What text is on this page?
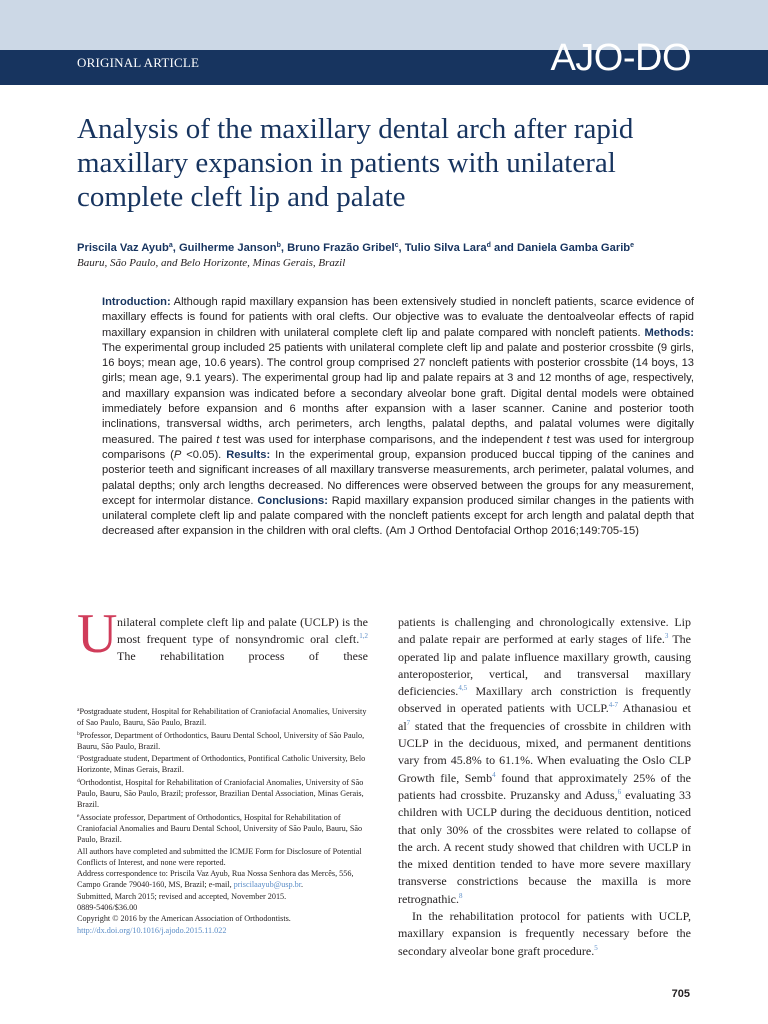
ORIGINAL ARTICLE	AJO-DO
Analysis of the maxillary dental arch after rapid maxillary expansion in patients with unilateral complete cleft lip and palate
Priscila Vaz Ayub$^a$, Guilherme Janson$^b$, Bruno Frazão Gribel$^c$, Tulio Silva Lara$^d$ and Daniela Gamba Garib$^e$
Bauru, São Paulo, and Belo Horizonte, Minas Gerais, Brazil
Introduction: Although rapid maxillary expansion has been extensively studied in noncleft patients, scarce evidence of maxillary effects is found for patients with oral clefts. Our objective was to evaluate the dentoalveolar effects of rapid maxillary expansion in children with unilateral complete cleft lip and palate compared with noncleft patients. Methods: The experimental group included 25 patients with unilateral complete cleft lip and palate and posterior crossbite (9 girls, 16 boys; mean age, 10.6 years). The control group comprised 27 noncleft patients with posterior crossbite (14 boys, 13 girls; mean age, 9.1 years). The experimental group had lip and palate repairs at 3 and 12 months of age, respectively, and maxillary expansion was indicated before a secondary alveolar bone graft. Digital dental models were obtained immediately before expansion and 6 months after expansion with a laser scanner. Canine and posterior tooth inclinations, transversal widths, arch perimeters, arch lengths, palatal depths, and palatal volumes were digitally measured. The paired t test was used for interphase comparisons, and the independent t test was used for intergroup comparisons (P <0.05). Results: In the experimental group, expansion produced buccal tipping of the canines and posterior teeth and significant increases of all maxillary transverse measurements, arch perimeter, palatal volumes, and palatal depths; only arch lengths decreased. No differences were observed between the groups for any measurement, except for intermolar distance. Conclusions: Rapid maxillary expansion produced similar changes in the patients with unilateral complete cleft lip and palate compared with the noncleft patients except for arch length and palatal depth that decreased after expansion in the children with oral clefts. (Am J Orthod Dentofacial Orthop 2016;149:705-15)
U nilateral complete cleft lip and palate (UCLP) is the most frequent type of nonsyndromic oral cleft.$^{1,2}$ The rehabilitation process of these
$^a$Postgraduate student, Hospital for Rehabilitation of Craniofacial Anomalies, University of Sao Paulo, Bauru, São Paulo, Brazil.
$^b$Professor, Department of Orthodontics, Bauru Dental School, University of São Paulo, Bauru, São Paulo, Brazil.
$^c$Postgraduate student, Department of Orthodontics, Pontifical Catholic University, Belo Horizonte, Minas Gerais, Brazil.
$^d$Orthodontist, Hospital for Rehabilitation of Craniofacial Anomalies, University of São Paulo, Bauru, São Paulo, Brazil; professor, Brazilian Dental Association, Minas Gerais, Brazil.
$^e$Associate professor, Department of Orthodontics, Hospital for Rehabilitation of Craniofacial Anomalies and Bauru Dental School, University of São Paulo, Bauru, São Paulo, Brazil.
All authors have completed and submitted the ICMJE Form for Disclosure of Potential Conflicts of Interest, and none were reported.
Address correspondence to: Priscila Vaz Ayub, Rua Nossa Senhora das Mercês, 556, Campo Grande 79040-160, MS, Brazil; e-mail, priscilaayub@usp.br.
Submitted, March 2015; revised and accepted, November 2015.
0889-5406/$36.00
Copyright © 2016 by the American Association of Orthodontists.
http://dx.doi.org/10.1016/j.ajodo.2015.11.022

patients is challenging and chronologically extensive. Lip and palate repair are performed at early stages of life.$^3$ The operated lip and palate influence maxillary growth, causing anteroposterior, vertical, and transversal maxillary deficiencies.$^{4,5}$ Maxillary arch constriction is frequently observed in operated patients with UCLP.$^{4-7}$ Athanasiou et al$^7$ stated that the frequencies of crossbite in children with UCLP in the deciduous, mixed, and permanent dentitions vary from 45.8% to 61.1%. When evaluating the Oslo CLP Growth file, Semb$^4$ found that approximately 25% of the patients had crossbite. Pruzansky and Aduss,$^6$ evaluating 33 children with UCLP during the deciduous dentition, noticed that only 30% of the crossbites were related to collapse of the arch. A recent study showed that children with UCLP in the mixed dentition tended to have more severe maxillary transverse constrictions because the maxilla is more retrognathic.$^8$

In the rehabilitation protocol for patients with UCLP, maxillary expansion is frequently necessary before the secondary alveolar bone graft procedure.$^5$

705
